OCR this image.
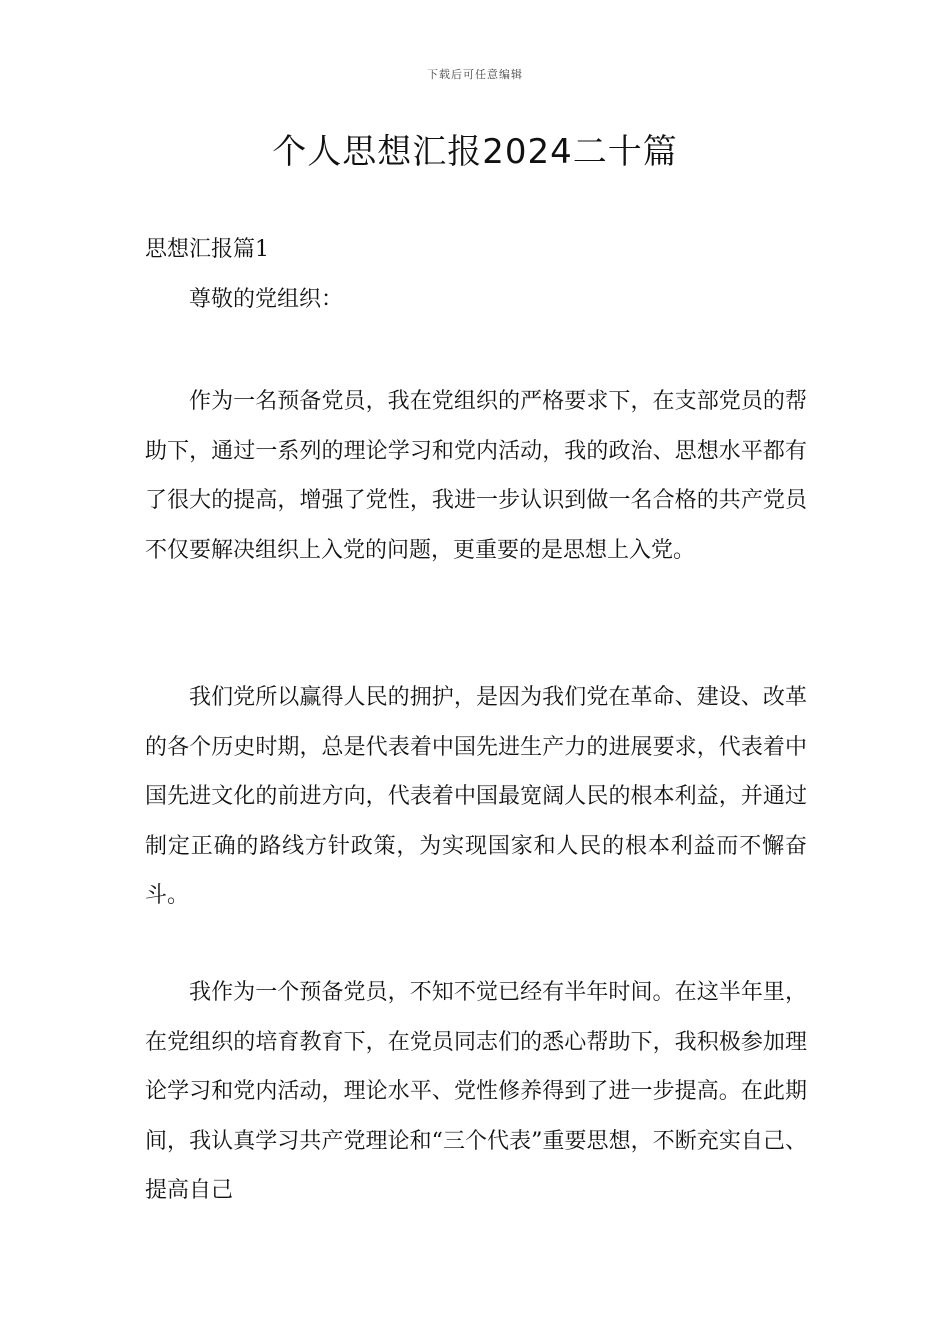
下载后可任意编辑
个人思想汇报2024二十篇

思想汇报篇1

尊敬的党组织：

作为一名预备党员，我在党组织的严格要求下，在支部党员的帮助下，通过一系列的理论学习和党内活动，我的政治、思想水平都有了很大的提高，增强了党性，我进一步认识到做一名合格的共产党员不仅要解决组织上入党的问题，更重要的是思想上入党。

我们党所以赢得人民的拥护，是因为我们党在革命、建设、改革的各个历史时期，总是代表着中国先进生产力的进展要求，代表着中国先进文化的前进方向，代表着中国最宽阔人民的根本利益，并通过制定正确的路线方针政策，为实现国家和人民的根本利益而不懈奋斗。

我作为一个预备党员，不知不觉已经有半年时间。在这半年里，在党组织的培育教育下，在党员同志们的悉心帮助下，我积极参加理论学习和党内活动，理论水平、党性修养得到了进一步提高。在此期间，我认真学习共产党理论和“三个代表”重要思想，不断充实自己、提高自己
